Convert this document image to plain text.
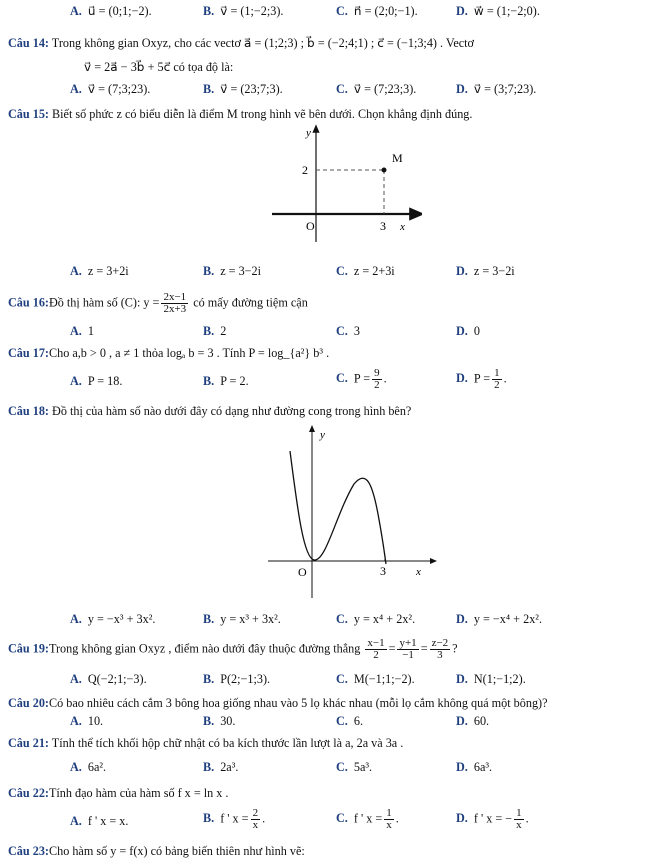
A. u⃗ = (0;1;−2).	B. v⃗ = (1;−2;3).	C. n⃗ = (2;0;−1).	D. w⃗ = (1;−2;0).
Câu 14: Trong không gian Oxyz, cho các vectơ a⃗ = (1;2;3) ; b⃗ = (−2;4;1) ; c⃗ = (−1;3;4) . Vectơ
v⃗ = 2a⃗ − 3b⃗ + 5c⃗ có tọa độ là:
A. v⃗ = (7;3;23).	B. v⃗ = (23;7;3).	C. v⃗ = (7;23;3).	D. v⃗ = (3;7;23).
Câu 15: Biết số phức z có biểu diễn là điểm M trong hình vẽ bên dưới. Chọn khẳng định đúng.
y
M
2
O	3 x
A. z = 3+2i	B. z = 3−2i	C. z = 2+3i	D. z = 3−2i
Câu 16:Đồ thị hàm số (C): $y = \frac{2x-1}{2x+3}$ có mấy đường tiệm cận
A. 1	B. 2	C. 3	D. 0
Câu 17:Cho a,b > 0 , a ≠ 1 thỏa logₐ b = 3 . Tính P = log_{a²} b³ .
A. P = 18.	B. P = 2.	C. $P = \frac{9}{2}$ .	D. $P = \frac{1}{2}$ .
Câu 18: Đồ thị của hàm số nào dưới đây có dạng như đường cong trong hình bên?
y
O	3	x
A. y = −x³ + 3x².	B. y = x³ + 3x².	C. y = x⁴ + 2x².	D. y = −x⁴ + 2x².
Câu 19:Trong không gian Oxyz , điểm nào dưới đây thuộc đường thẳng $\frac{x-1}{2} = \frac{y+1}{-1} = \frac{z-2}{3}$ ?
A. Q(−2;1;−3).	B. P(2;−1;3).	C. M(−1;1;−2).	D. N(1;−1;2).
Câu 20:Có bao nhiêu cách cắm 3 bông hoa giống nhau vào 5 lọ khác nhau (mỗi lọ cắm không quá một bông)?
A. 10.	B. 30.	C. 6.	D. 60.
Câu 21: Tính thể tích khối hộp chữ nhật có ba kích thước lần lượt là a, 2a và 3a .
A. 6a².	B. 2a³.	C. 5a³.	D. 6a³.
Câu 22:Tính đạo hàm của hàm số f x = ln x .
A. f ' x = x.	B. f ' $x = \frac{2}{x}$ .	C. f ' $x = \frac{1}{x}$ .	D. f ' x = − $\frac{1}{x}$ .
Câu 23:Cho hàm số y = f(x) có bảng biến thiên như hình vẽ:
